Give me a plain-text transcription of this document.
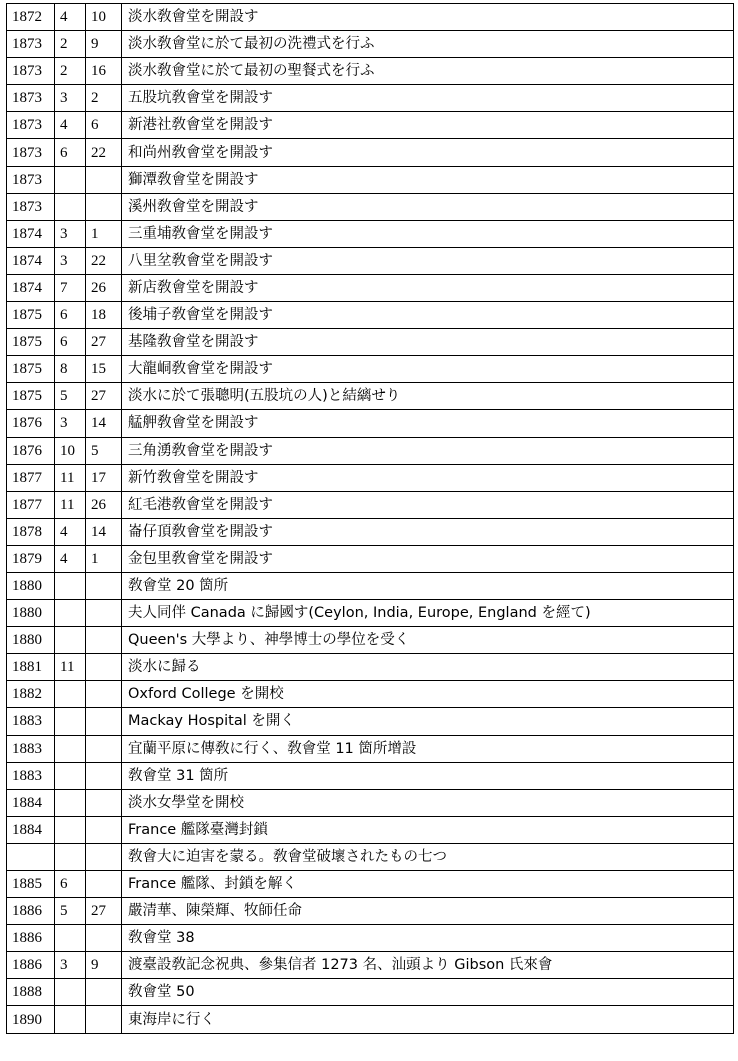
1872	4	10	淡水敎會堂を開設す
1873	2	9	淡水敎會堂に於て最初の洗禮式を行ふ
1873	2	16	淡水敎會堂に於て最初の聖餐式を行ふ
1873	3	2	五股坑敎會堂を開設す
1873	4	6	新港社敎會堂を開設す
1873	6	22	和尚州敎會堂を開設す
1873			獅潭敎會堂を開設す
1873			溪州敎會堂を開設す
1874	3	1	三重埔敎會堂を開設す
1874	3	22	八里坌敎會堂を開設す
1874	7	26	新店敎會堂を開設す
1875	6	18	後埔子敎會堂を開設す
1875	6	27	基隆敎會堂を開設す
1875	8	15	大龍峒敎會堂を開設す
1875	5	27	淡水に於て張聰明(五股坑の人)と結縭せり
1876	3	14	艋舺敎會堂を開設す
1876	10	5	三角湧敎會堂を開設す
1877	11	17	新竹敎會堂を開設す
1877	11	26	紅毛港敎會堂を開設す
1878	4	14	崙仔頂敎會堂を開設す
1879	4	1	金包里敎會堂を開設す
1880			敎會堂 20 箇所
1880			夫人同伴 Canada に歸國す(Ceylon, India, Europe, England を經て)
1880			Queen's 大學より、神學博士の學位を受く
1881	11		淡水に歸る
1882			Oxford College を開校
1883			Mackay Hospital を開く
1883			宜蘭平原に傳敎に行く、敎會堂 11 箇所增設
1883			敎會堂 31 箇所
1884			淡水女學堂を開校
1884			France 艦隊臺灣封鎖
			敎會大に迫害を蒙る。敎會堂破壞されたもの七つ
1885	6		France 艦隊、封鎖を解く
1886	5	27	嚴清華、陳榮輝、牧師任命
1886			敎會堂 38
1886	3	9	渡臺設敎記念祝典、參集信者 1273 名、汕頭より Gibson 氏來會
1888			敎會堂 50
1890			東海岸に行く
